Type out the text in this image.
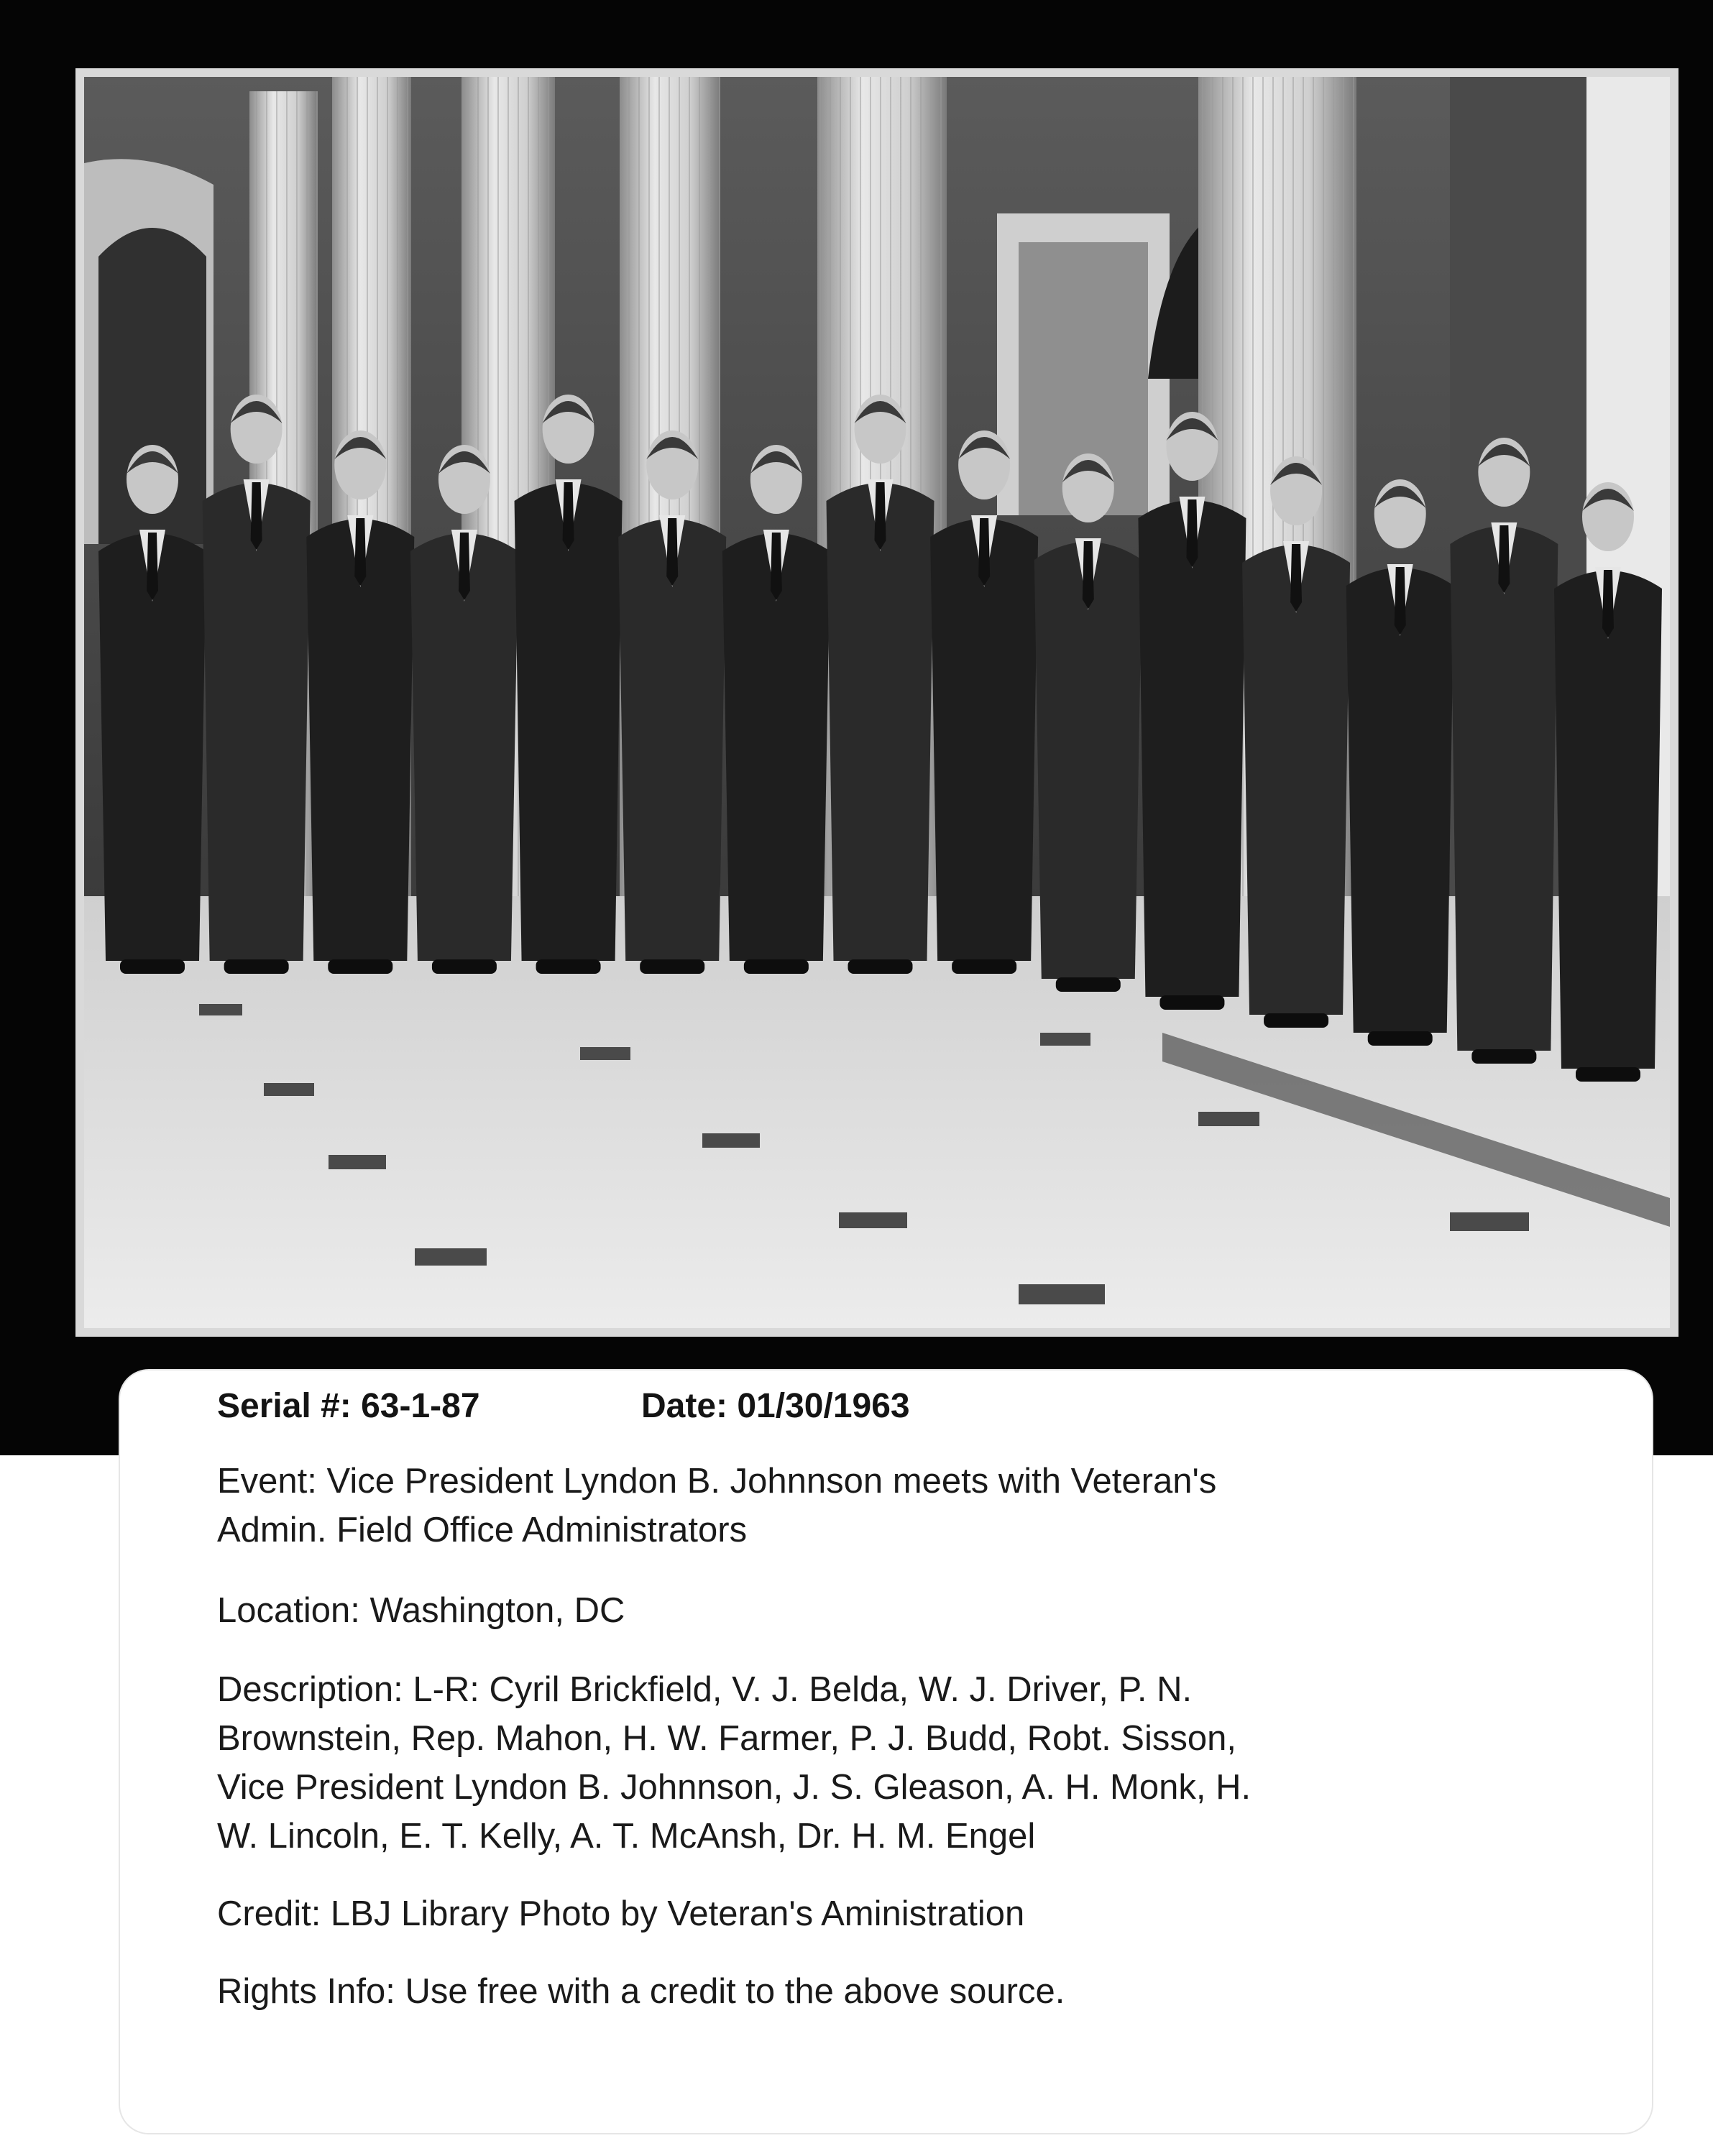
Serial #: 63-1-87	Date: 01/30/1963
Event: Vice President Lyndon B. Johnnson meets with Veteran's
Admin. Field Office Administrators
Location: Washington, DC
Description: L-R: Cyril Brickfield, V. J. Belda, W. J. Driver, P. N.
Brownstein, Rep. Mahon, H. W. Farmer, P. J. Budd, Robt. Sisson,
Vice President Lyndon B. Johnnson, J. S. Gleason, A. H. Monk, H.
W. Lincoln, E. T. Kelly, A. T. McAnsh, Dr. H. M. Engel
Credit: LBJ Library Photo by Veteran's Aministration
Rights Info: Use free with a credit to the above source.
